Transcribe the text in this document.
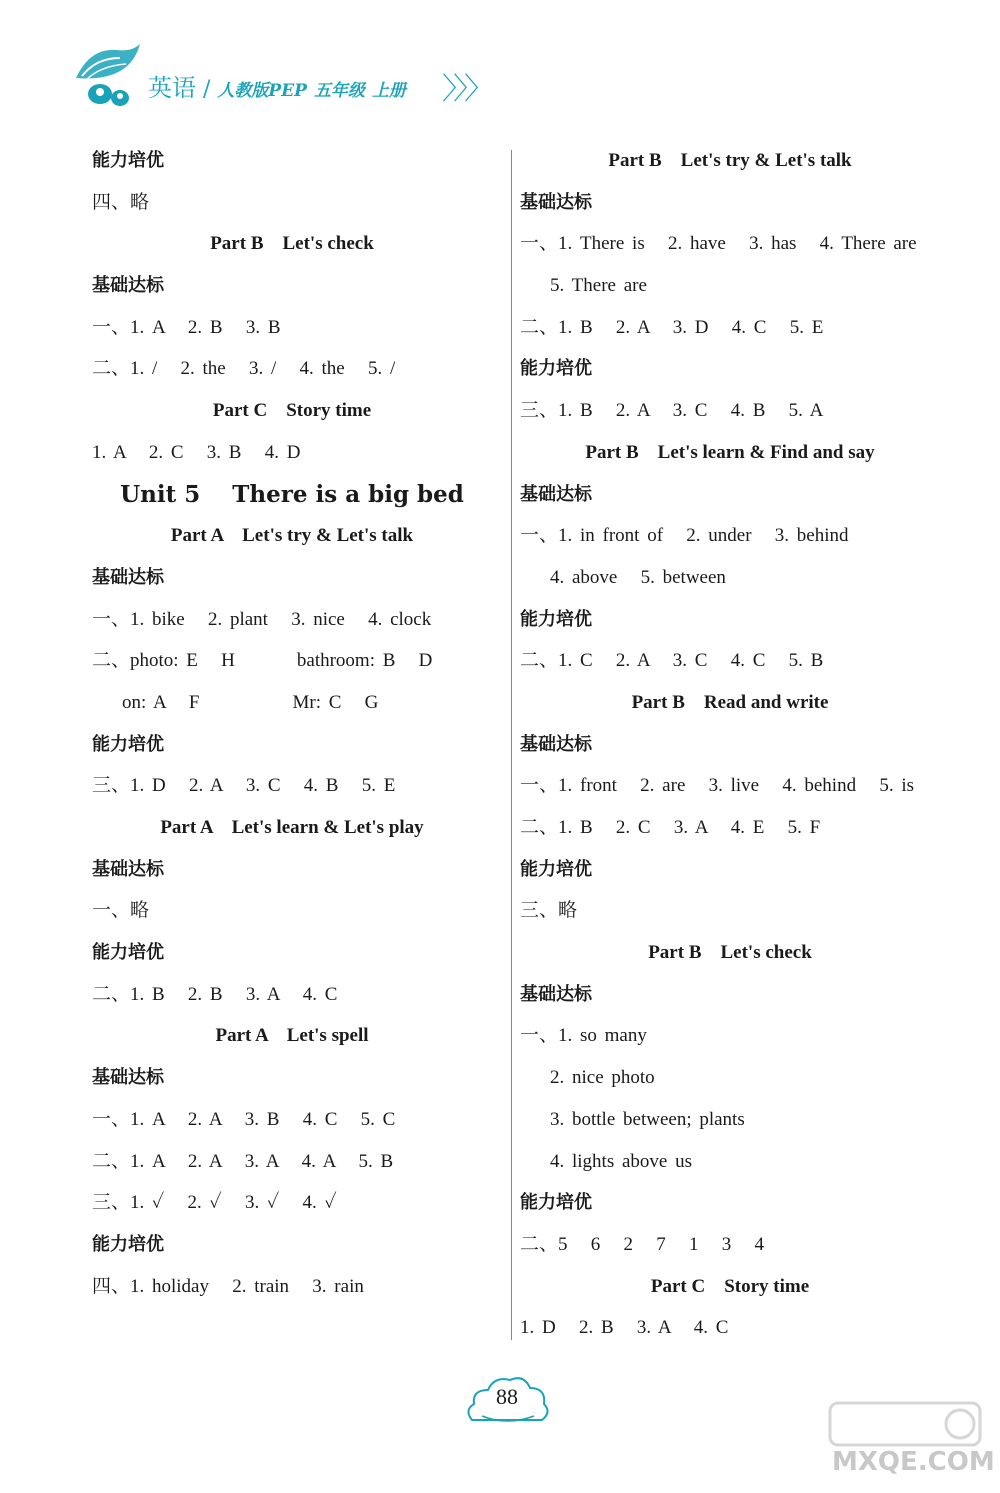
英语 / 人教版PEP 五年级 上册 〉〉〉
能力培优
四、略
Part B    Let's check
基础达标
一、1. A   2. B   3. B
二、1. /   2. the   3. /   4. the   5. /
Part C    Story time
1. A   2. C   3. B   4. D
Unit 5    There is a big bed
Part A    Let's try & Let's talk
基础达标
一、1. bike   2. plant   3. nice   4. clock
二、photo: E   H        bathroom: B   D
on: A   F            Mr: C   G
能力培优
三、1. D   2. A   3. C   4. B   5. E
Part A    Let's learn & Let's play
基础达标
一、略
能力培优
二、1. B   2. B   3. A   4. C
Part A    Let's spell
基础达标
一、1. A   2. A   3. B   4. C   5. C
二、1. A   2. A   3. A   4. A   5. B
三、1. ✓   2. ✓   3. ✓   4. ✓
能力培优
四、1. holiday   2. train   3. rain
Part B    Let's try & Let's talk
基础达标
一、1. There is   2. have   3. has   4. There are
5. There are
二、1. B   2. A   3. D   4. C   5. E
能力培优
三、1. B   2. A   3. C   4. B   5. A
Part B    Let's learn & Find and say
基础达标
一、1. in front of   2. under   3. behind
4. above   5. between
能力培优
二、1. C   2. A   3. C   4. C   5. B
Part B    Read and write
基础达标
一、1. front   2. are   3. live   4. behind   5. is
二、1. B   2. C   3. A   4. E   5. F
能力培优
三、略
Part B    Let's check
基础达标
一、1. so many
2. nice photo
3. bottle between; plants
4. lights above us
能力培优
二、5   6   2   7   1   3   4
Part C    Story time
1. D   2. B   3. A   4. C
88
MXQE.COM
